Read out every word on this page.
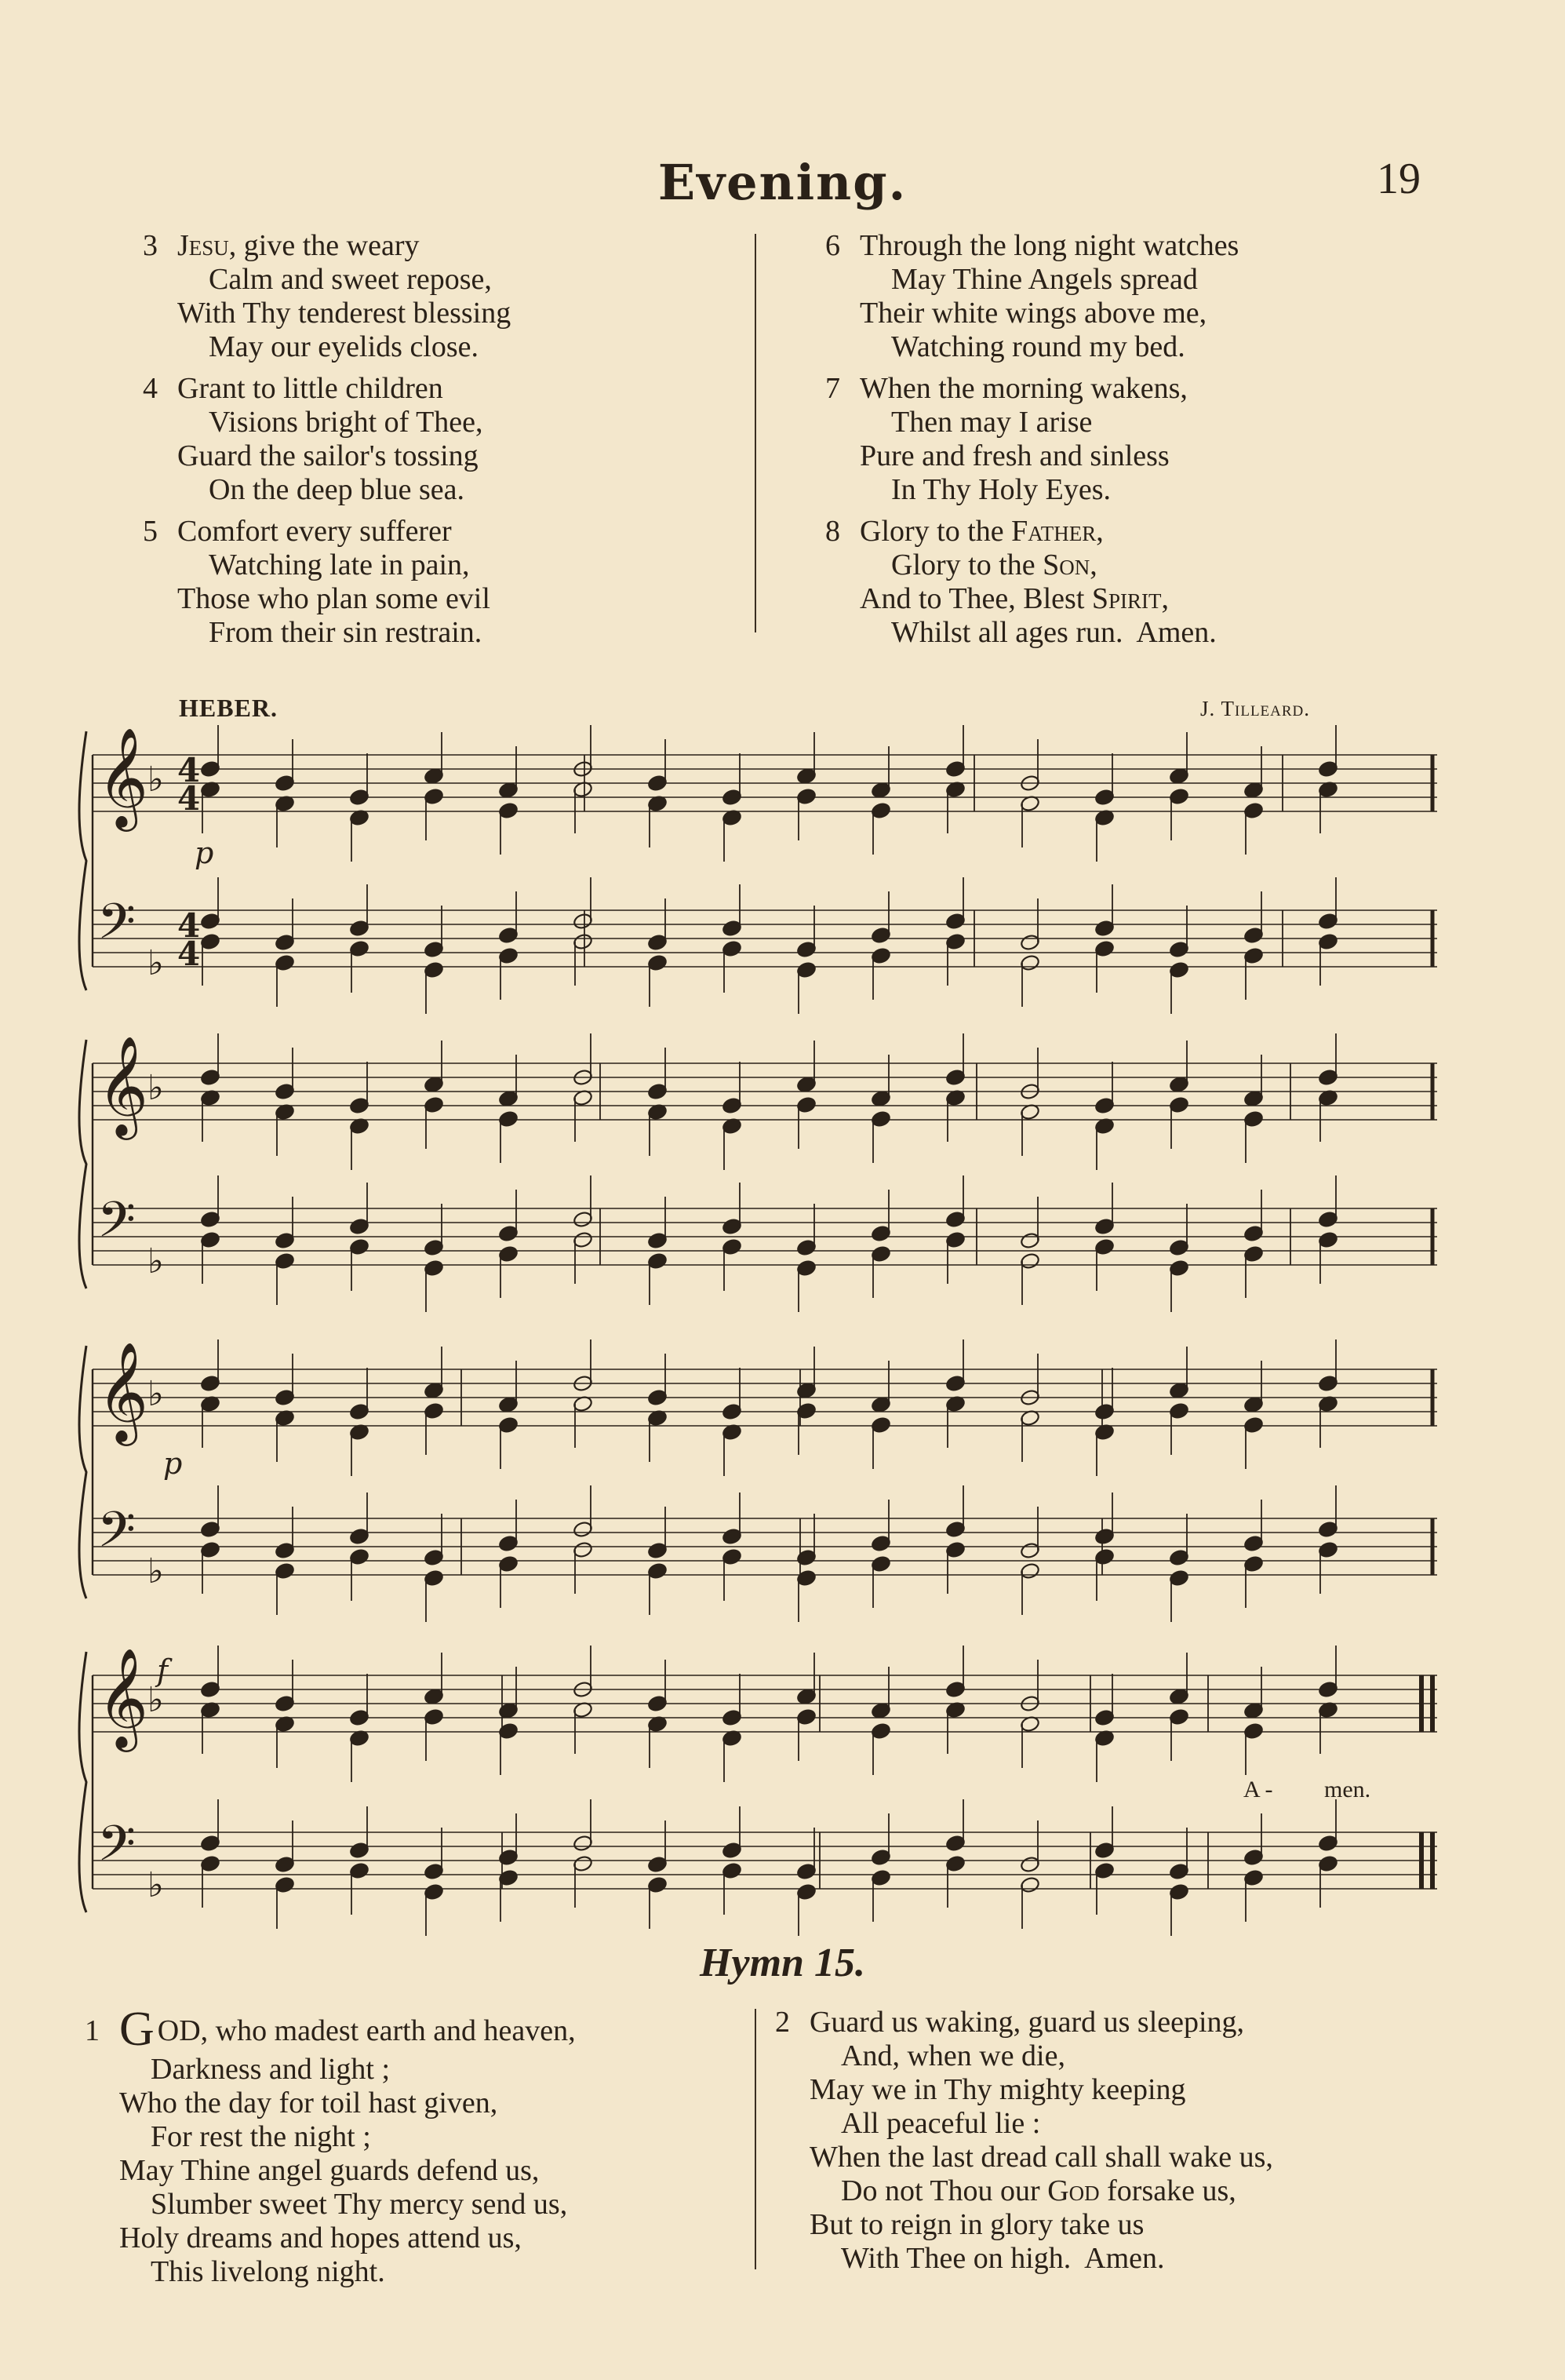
Evening.	19
3 Jesu, give the weary
Calm and sweet repose,
With Thy tenderest blessing
May our eyelids close.
4 Grant to little children
Visions bright of Thee,
Guard the sailor's tossing
On the deep blue sea.
5 Comfort every sufferer
Watching late in pain,
Those who plan some evil
From their sin restrain.
6 Through the long night watches
May Thine Angels spread
Their white wings above me,
Watching round my bed.
7 When the morning wakens,
Then may I arise
Pure and fresh and sinless
In Thy Holy Eyes.
8 Glory to the Father,
Glory to the Son,
And to Thee, Blest Spirit,
Whilst all ages run.  Amen.
HEBER.	J. Tilleard.
𝄞
𝄢
♭
♭
𝄞
𝄢
♭
♭
𝄞
𝄢
♭
♭
𝄞
𝄢
♭
♭
4
4
4
4
p
p
f
A - men.
Hymn 15.
1 G OD, who madest earth and heaven,
Darkness and light ;
Who the day for toil hast given,
For rest the night ;
May Thine angel guards defend us,
Slumber sweet Thy mercy send us,
Holy dreams and hopes attend us,
This livelong night.
2 Guard us waking, guard us sleeping,
And, when we die,
May we in Thy mighty keeping
All peaceful lie :
When the last dread call shall wake us,
Do not Thou our God forsake us,
But to reign in glory take us
With Thee on high.  Amen.
